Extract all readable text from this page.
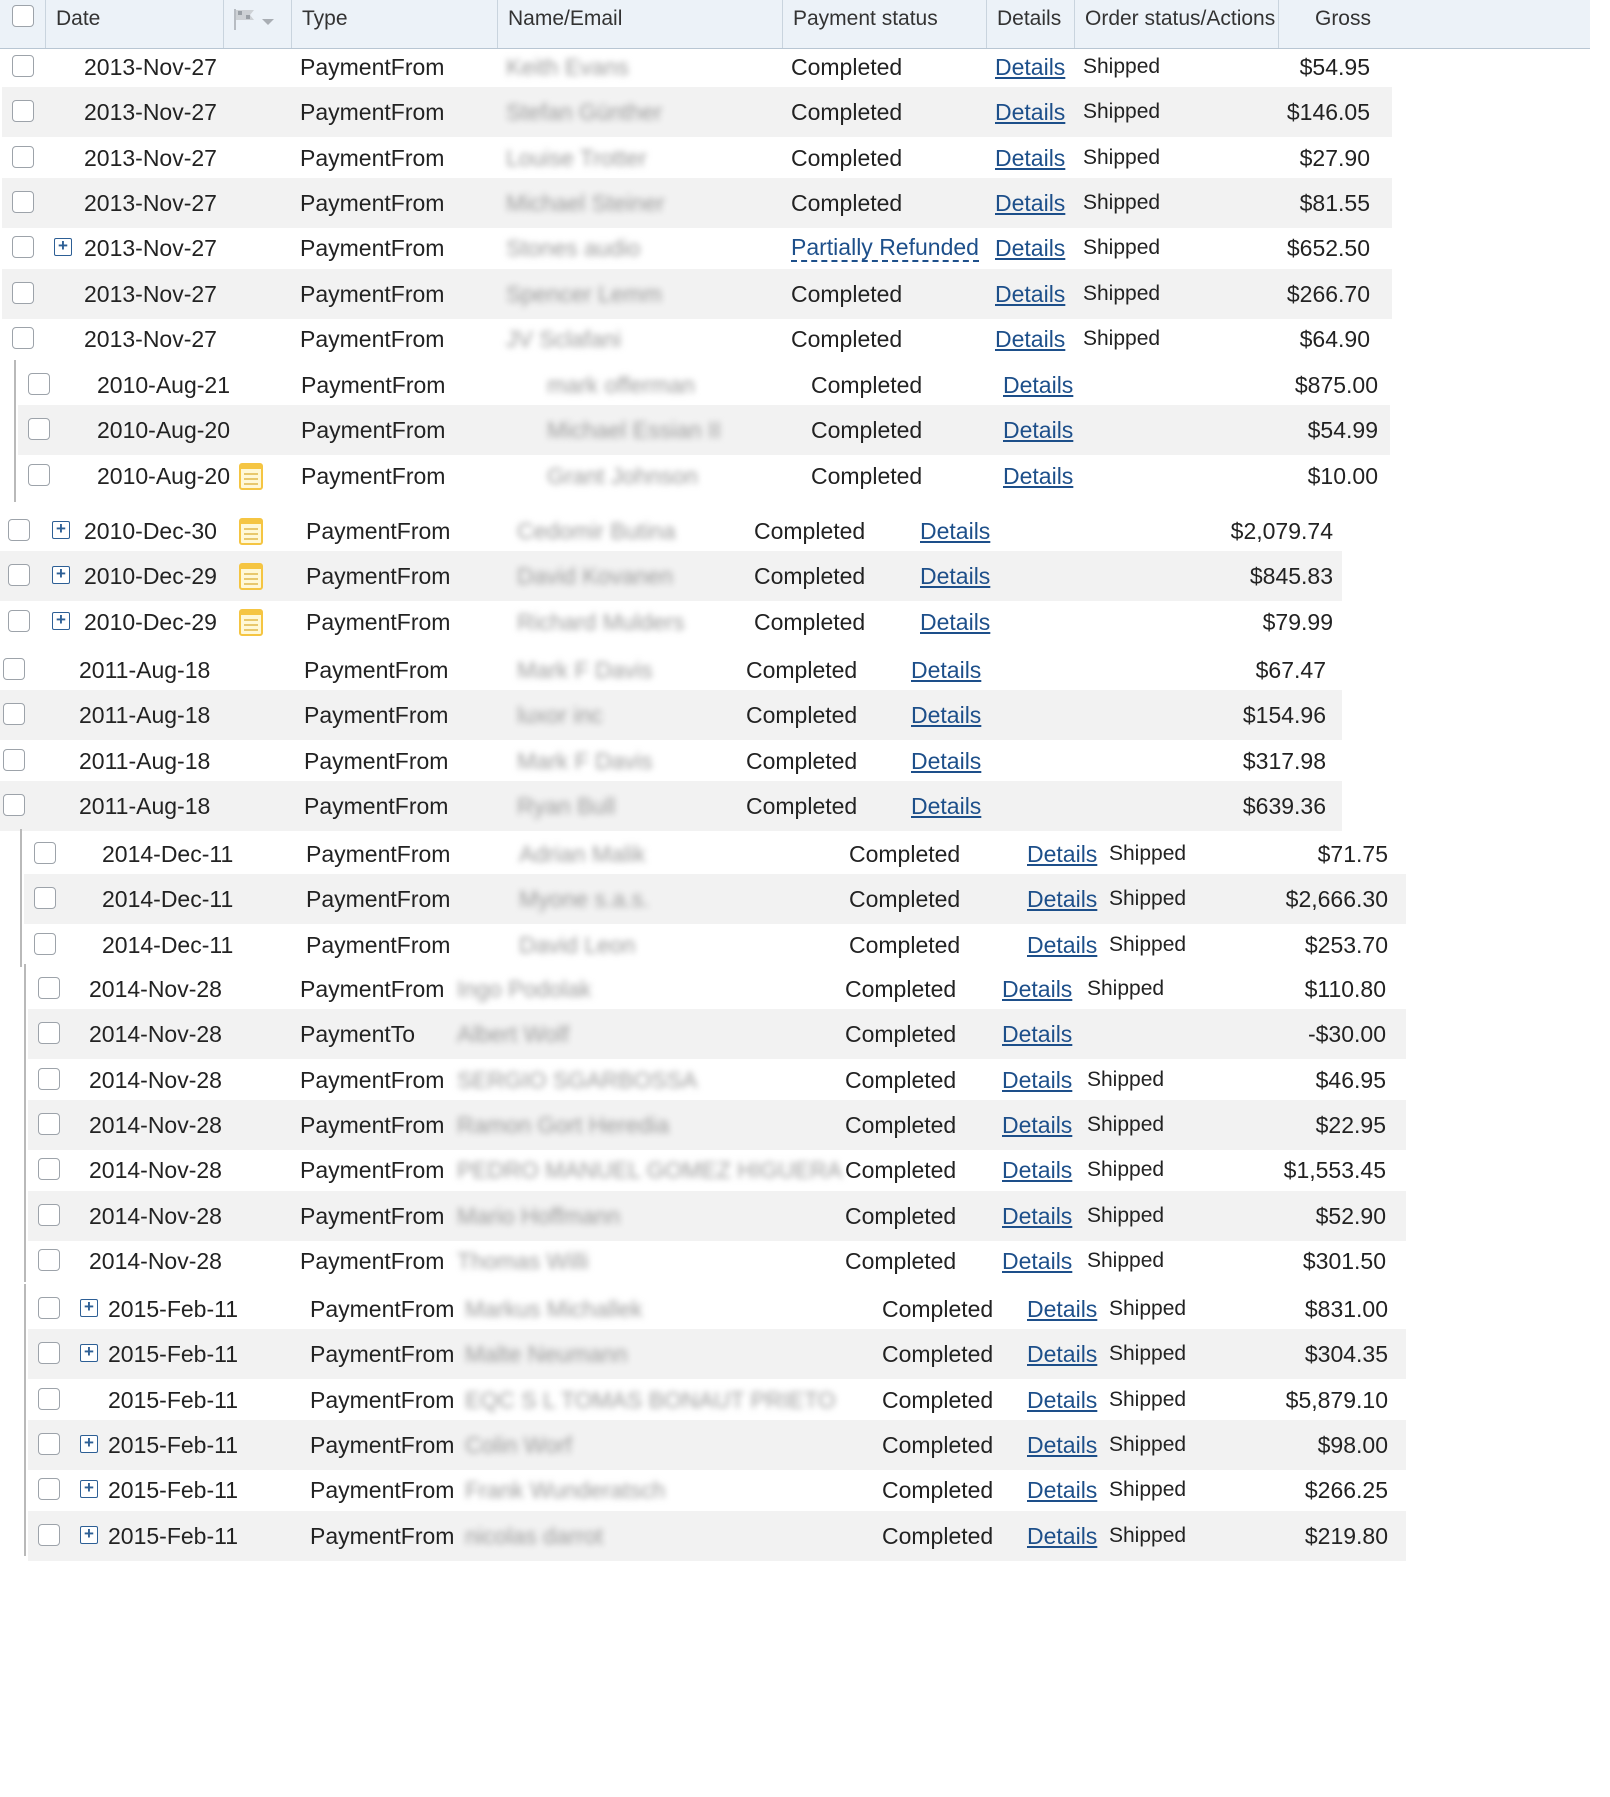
Date	Type	Name/Email	Payment status	Details	Order status/Actions	Gross
2013-Nov-27	PaymentFrom	Keith Evans	Completed	Details Shipped	$54.95
2013-Nov-27	PaymentFrom	Stefan Günther	Completed	Details Shipped	$146.05
2013-Nov-27	PaymentFrom	Louise Trotter	Completed	Details Shipped	$27.90
2013-Nov-27	PaymentFrom	Michael Steiner	Completed	Details Shipped	$81.55
+ 2013-Nov-27	PaymentFrom	Stones audio	Partially Refunded Details Shipped	$652.50
2013-Nov-27	PaymentFrom	Spencer Lemm	Completed	Details Shipped	$266.70
2013-Nov-27	PaymentFrom	JV Sclafani	Completed	Details Shipped	$64.90
2010-Aug-21	PaymentFrom	mark offerman	Completed	Details	$875.00
2010-Aug-20	PaymentFrom	Michael Essian II	Completed	Details	$54.99
2010-Aug-20	PaymentFrom	Grant Johnson	Completed	Details	$10.00
+ 2010-Dec-30	PaymentFrom	Cedomir Butina	Completed Details	$2,079.74
+ 2010-Dec-29	PaymentFrom	David Kovanen	Completed Details	$845.83
+ 2010-Dec-29	PaymentFrom	Richard Mulders	Completed Details	$79.99
2011-Aug-18	PaymentFrom	Mark F Davis	Completed Details	$67.47
2011-Aug-18	PaymentFrom	luxor inc	Completed Details	$154.96
2011-Aug-18	PaymentFrom	Mark F Davis	Completed Details	$317.98
2011-Aug-18	PaymentFrom	Ryan Bull	Completed Details	$639.36
2014-Dec-11	PaymentFrom	Adrian Malik	Completed	Details Shipped	$71.75
2014-Dec-11	PaymentFrom	Myone s.a.s.	Completed	Details Shipped	$2,666.30
2014-Dec-11	PaymentFrom	David Leon	Completed	Details Shipped	$253.70
2014-Nov-28	PaymentFrom Ingo Podolak	Completed Details Shipped	$110.80
2014-Nov-28	PaymentTo Albert Wolf	Completed Details	-$30.00
2014-Nov-28	PaymentFrom SERGIO SGARBOSSA	Completed Details Shipped	$46.95
2014-Nov-28	PaymentFrom Ramon Gort Heredia	Completed Details Shipped	$22.95
2014-Nov-28	PaymentFrom PEDRO MANUEL GOMEZ HIGUERA Completed Details Shipped	$1,553.45
2014-Nov-28	PaymentFrom Mario Hoffmann	Completed Details Shipped	$52.90
2014-Nov-28	PaymentFrom Thomas Willi	Completed Details Shipped	$301.50
+ 2015-Feb-11	PaymentFrom Markus Michallek	Completed Details Shipped	$831.00
+ 2015-Feb-11	PaymentFrom Malte Neumann	Completed Details Shipped	$304.35
2015-Feb-11	PaymentFrom EQC S L TOMAS BONAUT PRIETO Completed Details Shipped	$5,879.10
+ 2015-Feb-11	PaymentFrom Colin Worf	Completed Details Shipped	$98.00
+ 2015-Feb-11	PaymentFrom Frank Wunderatsch	Completed Details Shipped	$266.25
+ 2015-Feb-11	PaymentFrom nicolas darrot	Completed Details Shipped	$219.80
